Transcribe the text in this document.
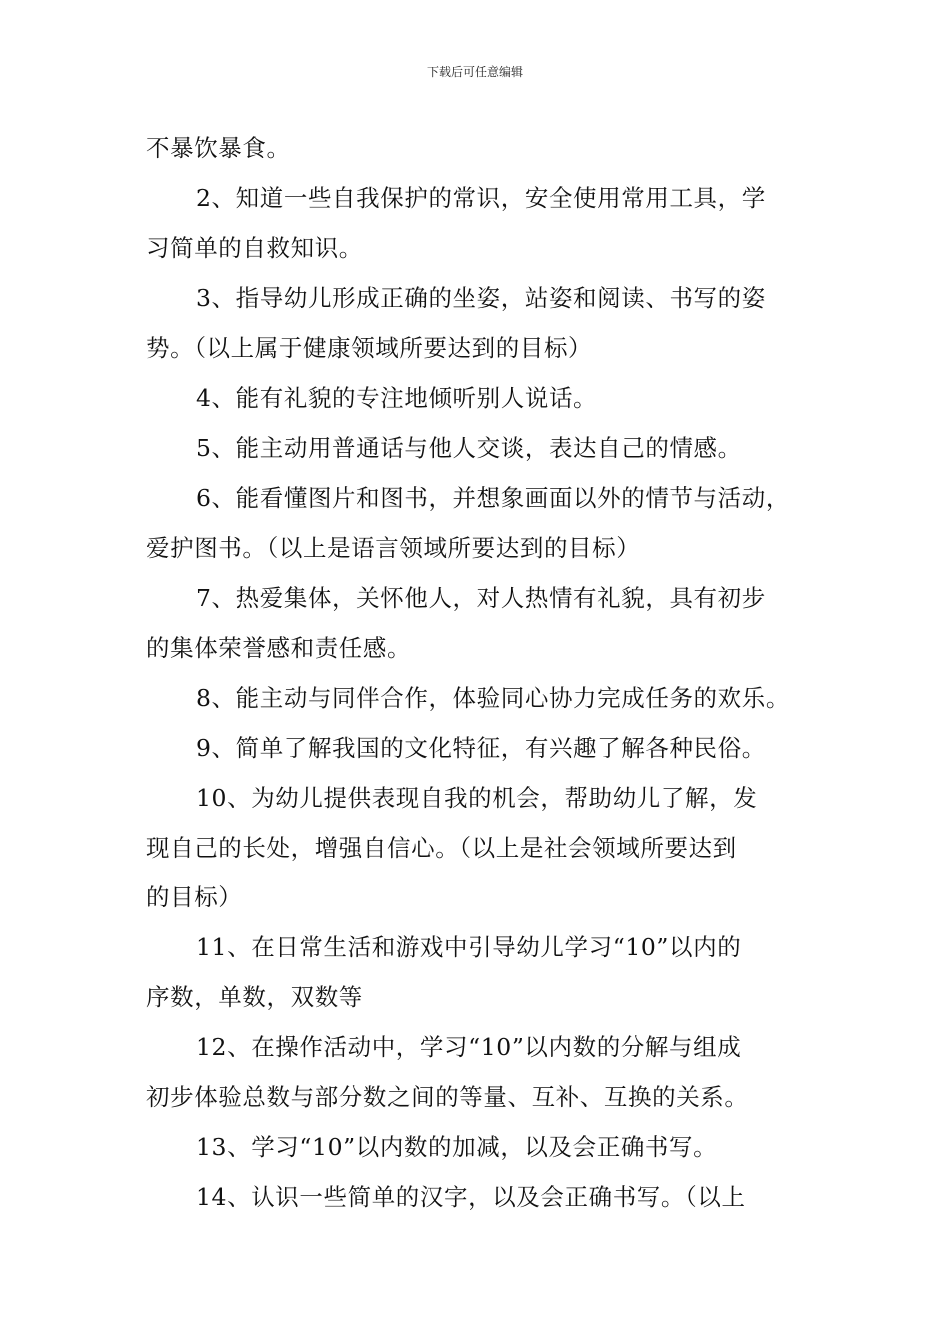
下载后可任意编辑
不暴饮暴食。
2、知道一些自我保护的常识，安全使用常用工具，学
习简单的自救知识。
3、指导幼儿形成正确的坐姿，站姿和阅读、书写的姿
势。（以上属于健康领域所要达到的目标）
4、能有礼貌的专注地倾听别人说话。
5、能主动用普通话与他人交谈，表达自己的情感。
6、能看懂图片和图书，并想象画面以外的情节与活动，
爱护图书。（以上是语言领域所要达到的目标）
7、热爱集体，关怀他人，对人热情有礼貌，具有初步
的集体荣誉感和责任感。
8、能主动与同伴合作，体验同心协力完成任务的欢乐。
9、简单了解我国的文化特征，有兴趣了解各种民俗。
10、为幼儿提供表现自我的机会，帮助幼儿了解，发
现自己的长处，增强自信心。（以上是社会领域所要达到
的目标）
11、在日常生活和游戏中引导幼儿学习“10”以内的
序数，单数，双数等
12、在操作活动中，学习“10”以内数的分解与组成
初步体验总数与部分数之间的等量、互补、互换的关系。
13、学习“10”以内数的加减，以及会正确书写。
14、认识一些简单的汉字，以及会正确书写。（以上
